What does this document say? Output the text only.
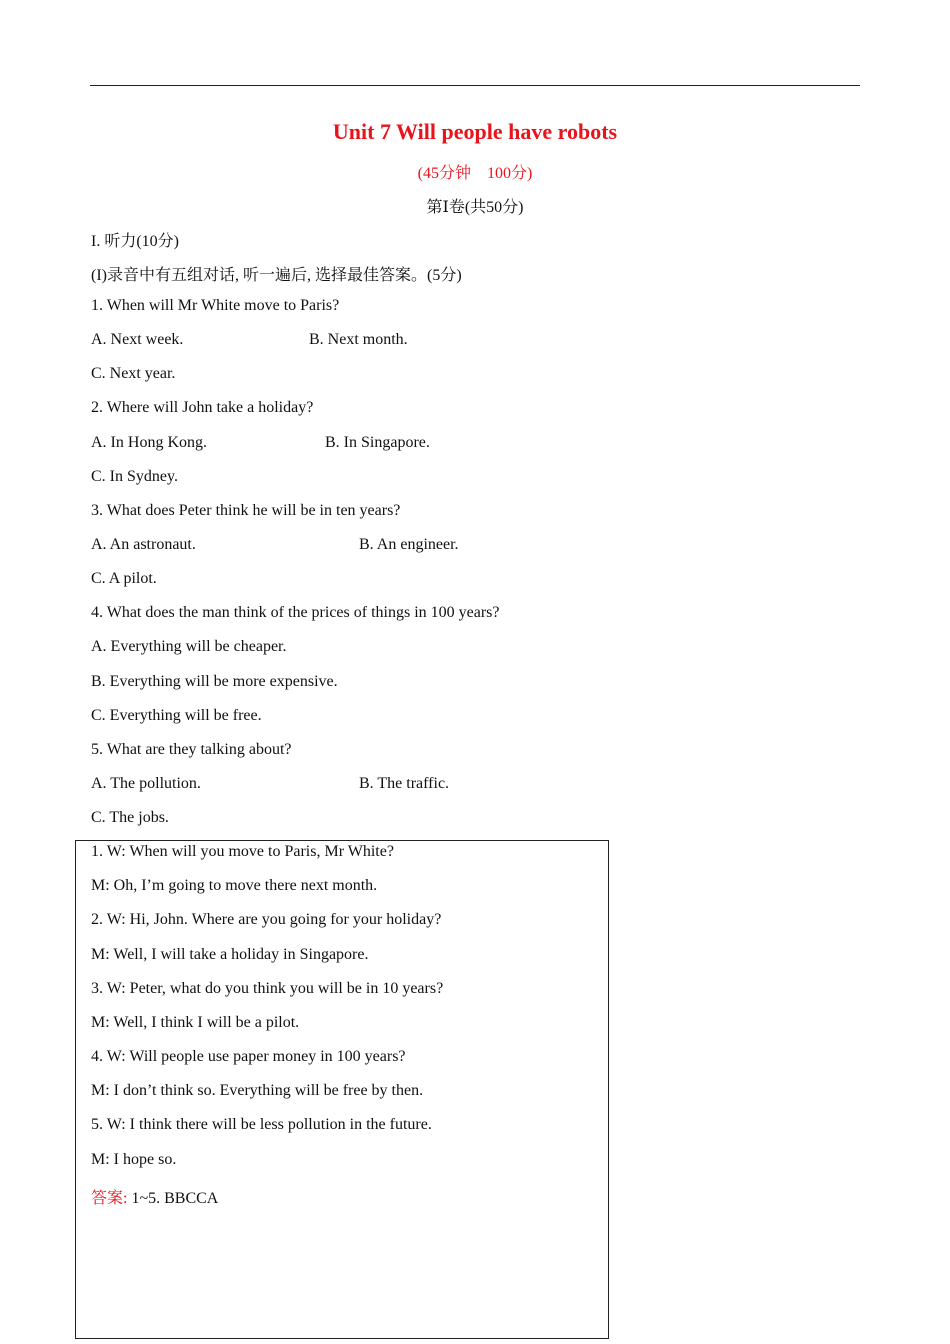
Unit 7 Will people have robots
(45分钟　100分)
第Ⅰ卷(共50分)
I. 听力(10分)
(I)录音中有五组对话, 听一遍后, 选择最佳答案。(5分)
1. When will Mr White move to Paris?
A. Next week.	B. Next month.
C. Next year.
2. Where will John take a holiday?
A. In Hong Kong.	B. In Singapore.
C. In Sydney.
3. What does Peter think he will be in ten years?
A. An astronaut.	B. An engineer.
C. A pilot.
4. What does the man think of the prices of things in 100 years?
A. Everything will be cheaper.
B. Everything will be more expensive.
C. Everything will be free.
5. What are they talking about?
A. The pollution.	B. The traffic.
C. The jobs.
1. W: When will you move to Paris, Mr White?
M: Oh, I’m going to move there next month.
2. W: Hi, John. Where are you going for your holiday?
M: Well, I will take a holiday in Singapore.
3. W: Peter, what do you think you will be in 10 years?
M: Well, I think I will be a pilot.
4. W: Will people use paper money in 100 years?
M: I don’t think so. Everything will be free by then.
5. W: I think there will be less pollution in the future.
M: I hope so.
答案: 1~5. BBCCA
